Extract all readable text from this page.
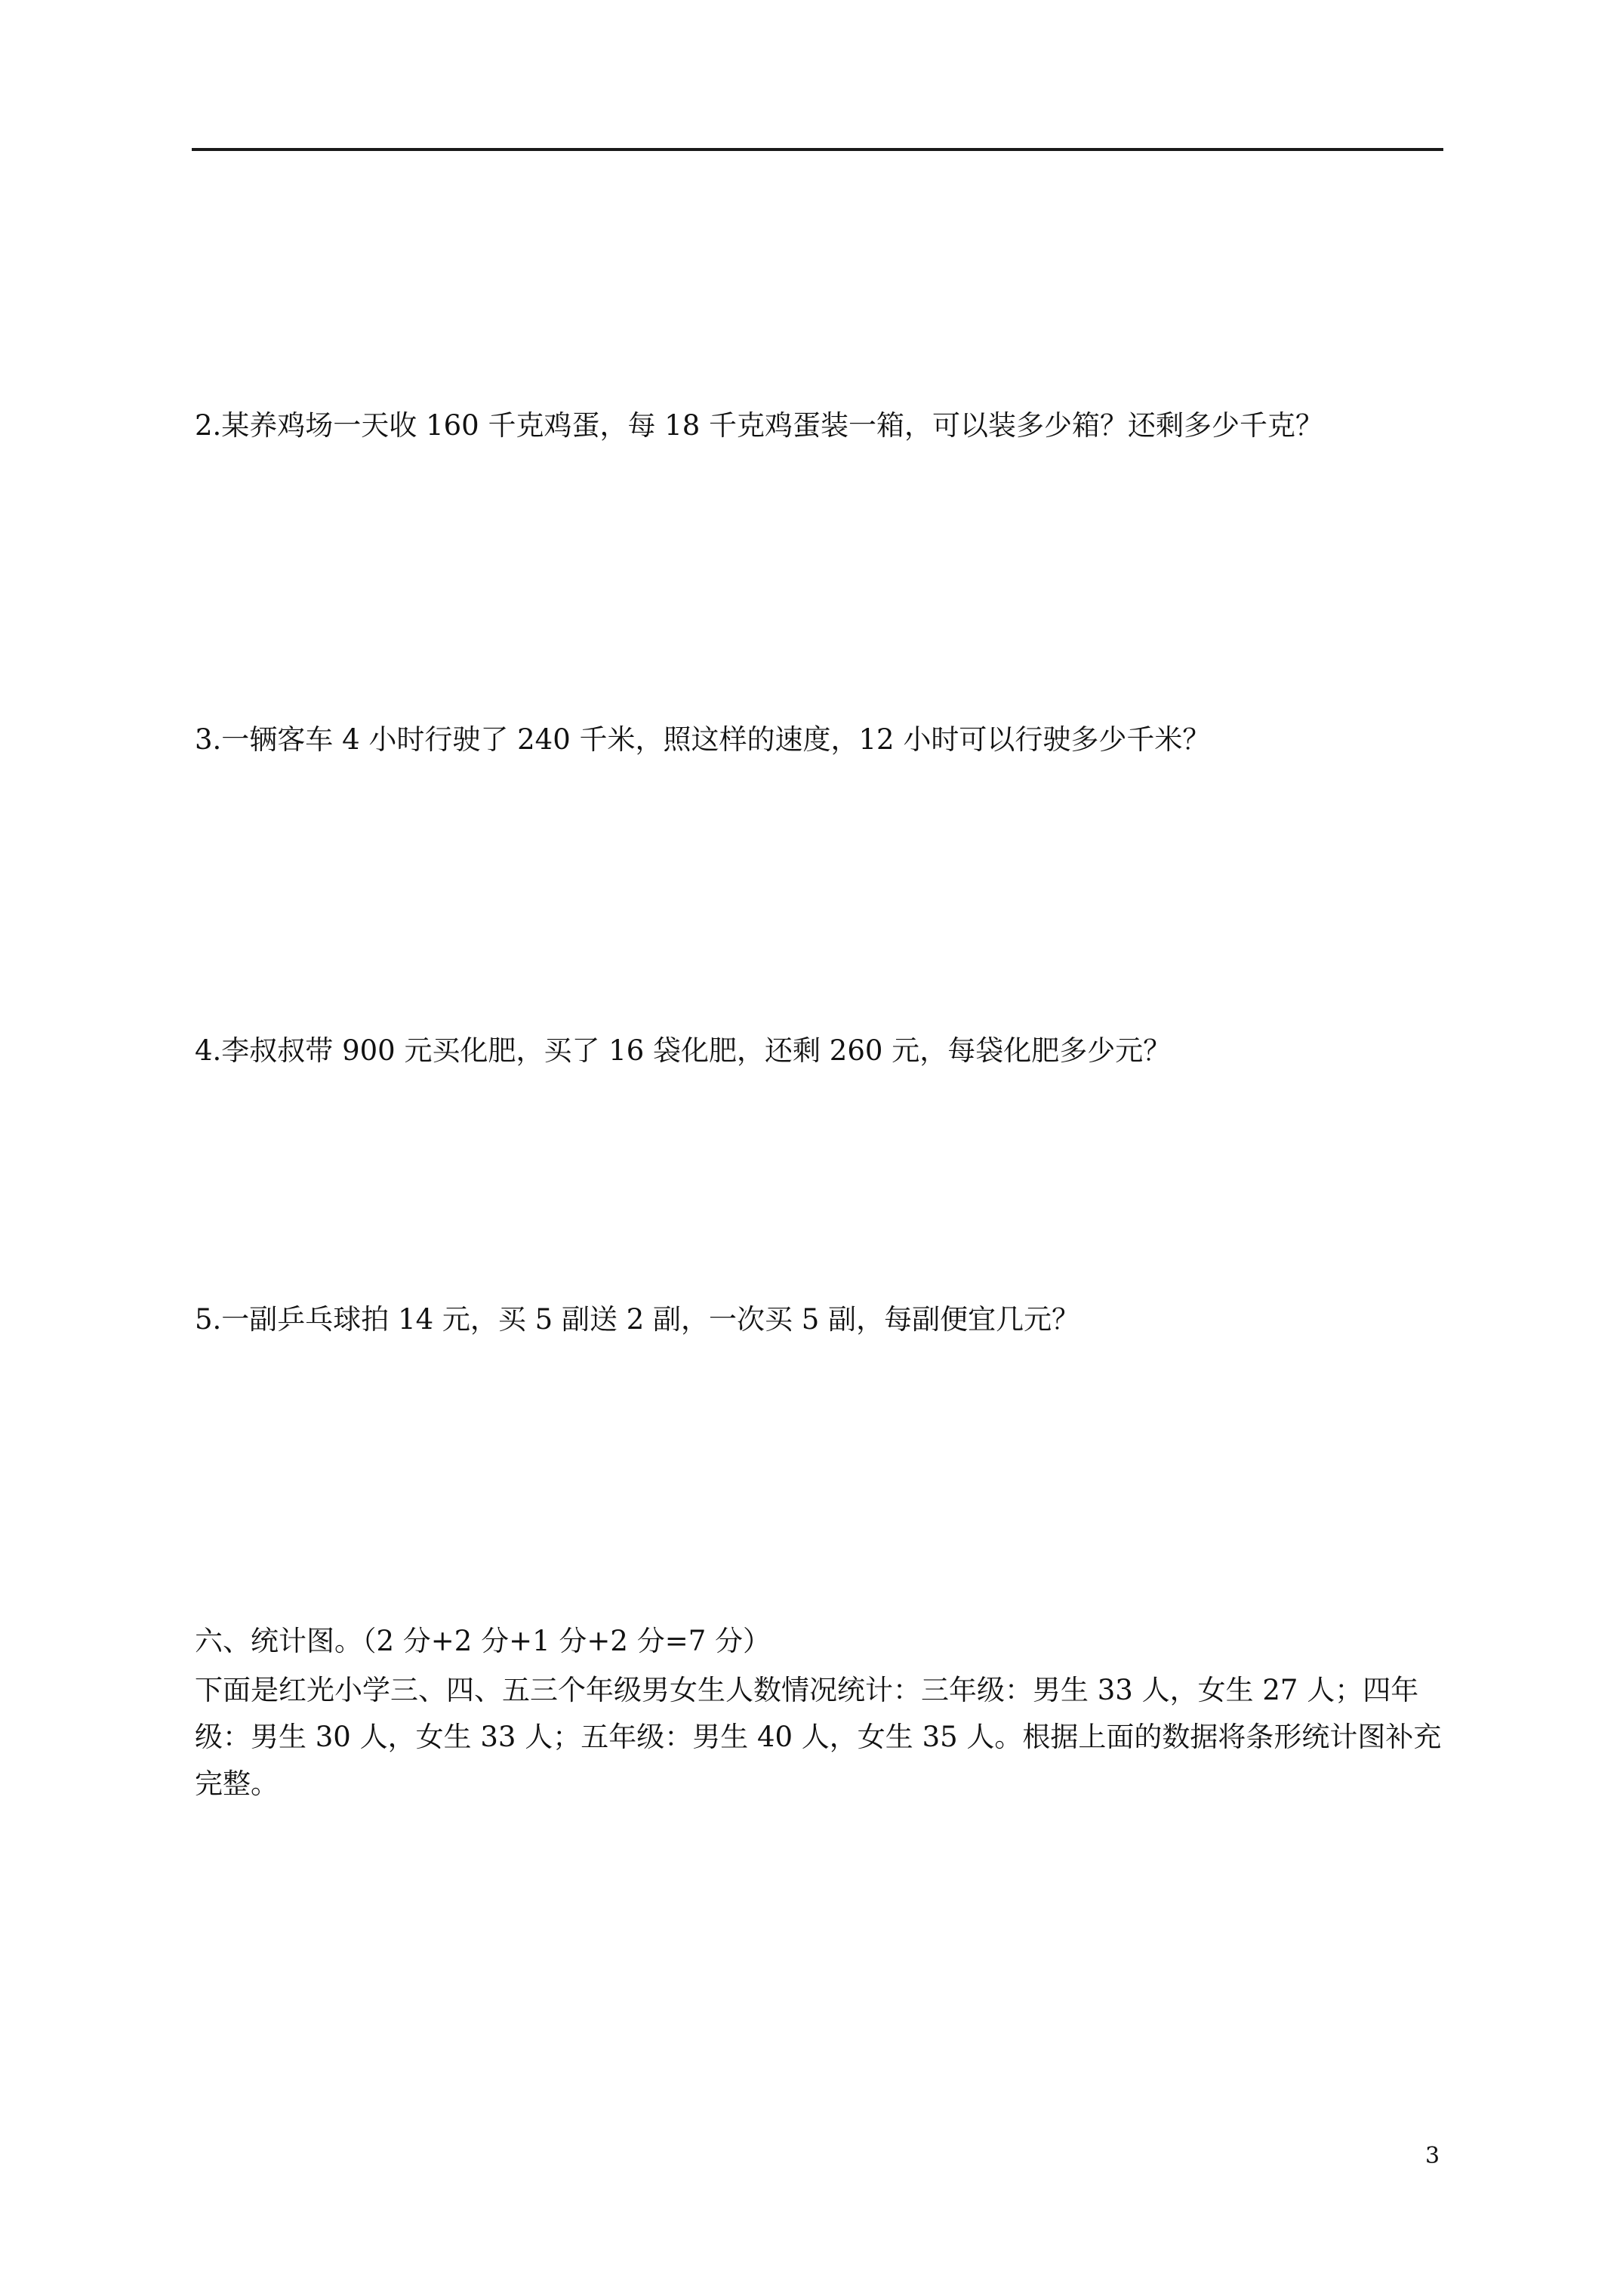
2.某养鸡场一天收 160 千克鸡蛋，每 18 千克鸡蛋装一箱，可以装多少箱？还剩多少千克？

3.一辆客车 4 小时行驶了 240 千米，照这样的速度，12 小时可以行驶多少千米？

4.李叔叔带 900 元买化肥，买了 16 袋化肥，还剩 260 元，每袋化肥多少元？

5.一副乒乓球拍 14 元，买 5 副送 2 副，一次买 5 副，每副便宜几元？

六、统计图。（2 分+2 分+1 分+2 分=7 分）
下面是红光小学三、四、五三个年级男女生人数情况统计：三年级：男生 33 人，女生 27 人；四年
级：男生 30 人，女生 33 人；五年级：男生 40 人，女生 35 人。根据上面的数据将条形统计图补充
完整。
3
